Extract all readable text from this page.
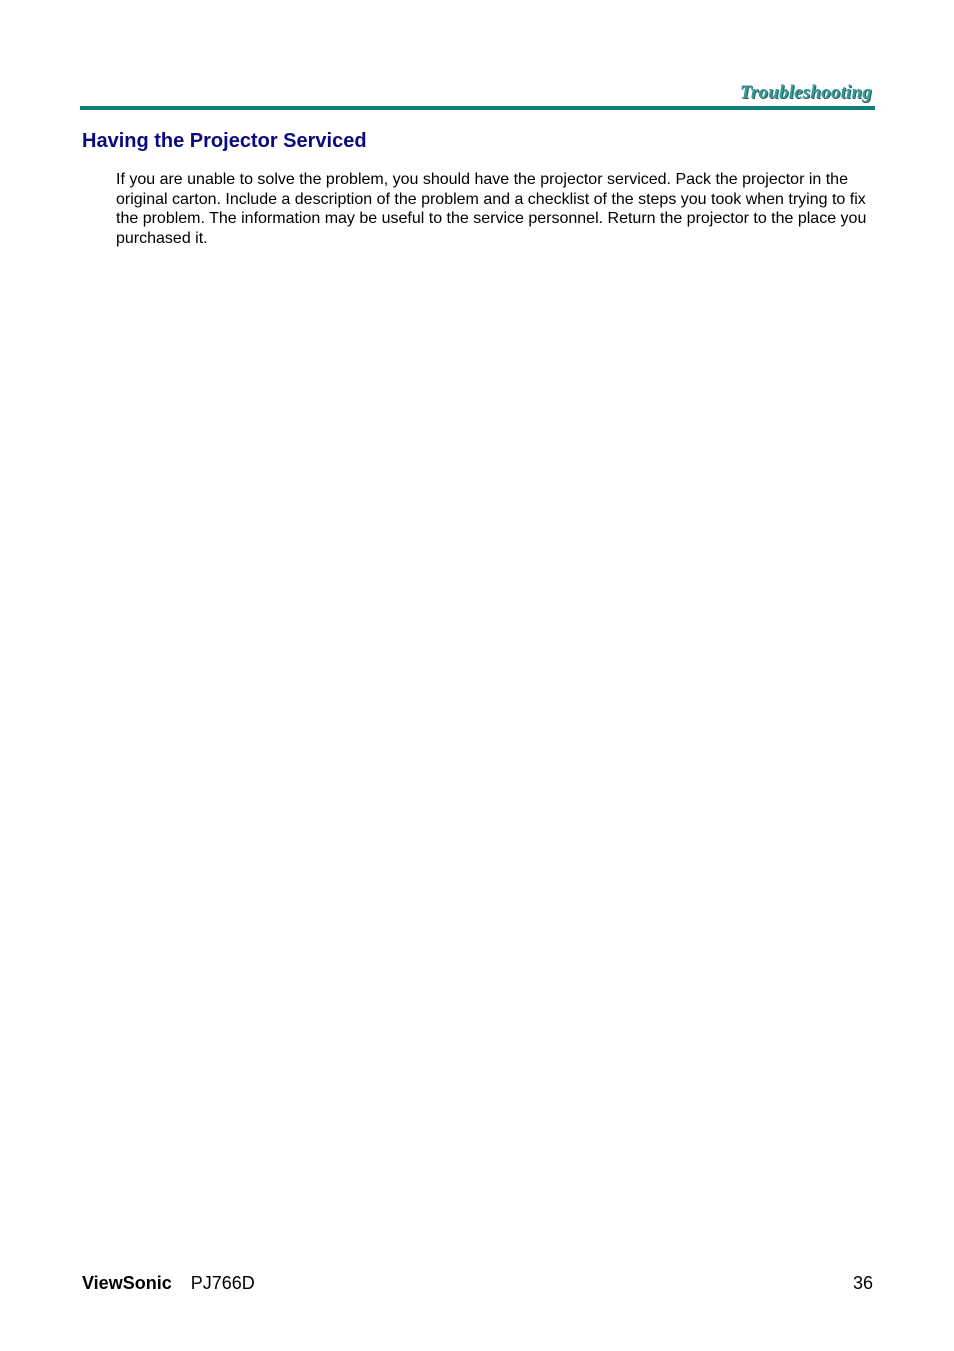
Troubleshooting
Having the Projector Serviced

If you are unable to solve the problem, you should have the projector serviced. Pack the projector in the original carton. Include a description of the problem and a checklist of the steps you took when trying to fix the problem. The information may be useful to the service personnel. Return the projector to the place you purchased it.

ViewSonic PJ766D	36
